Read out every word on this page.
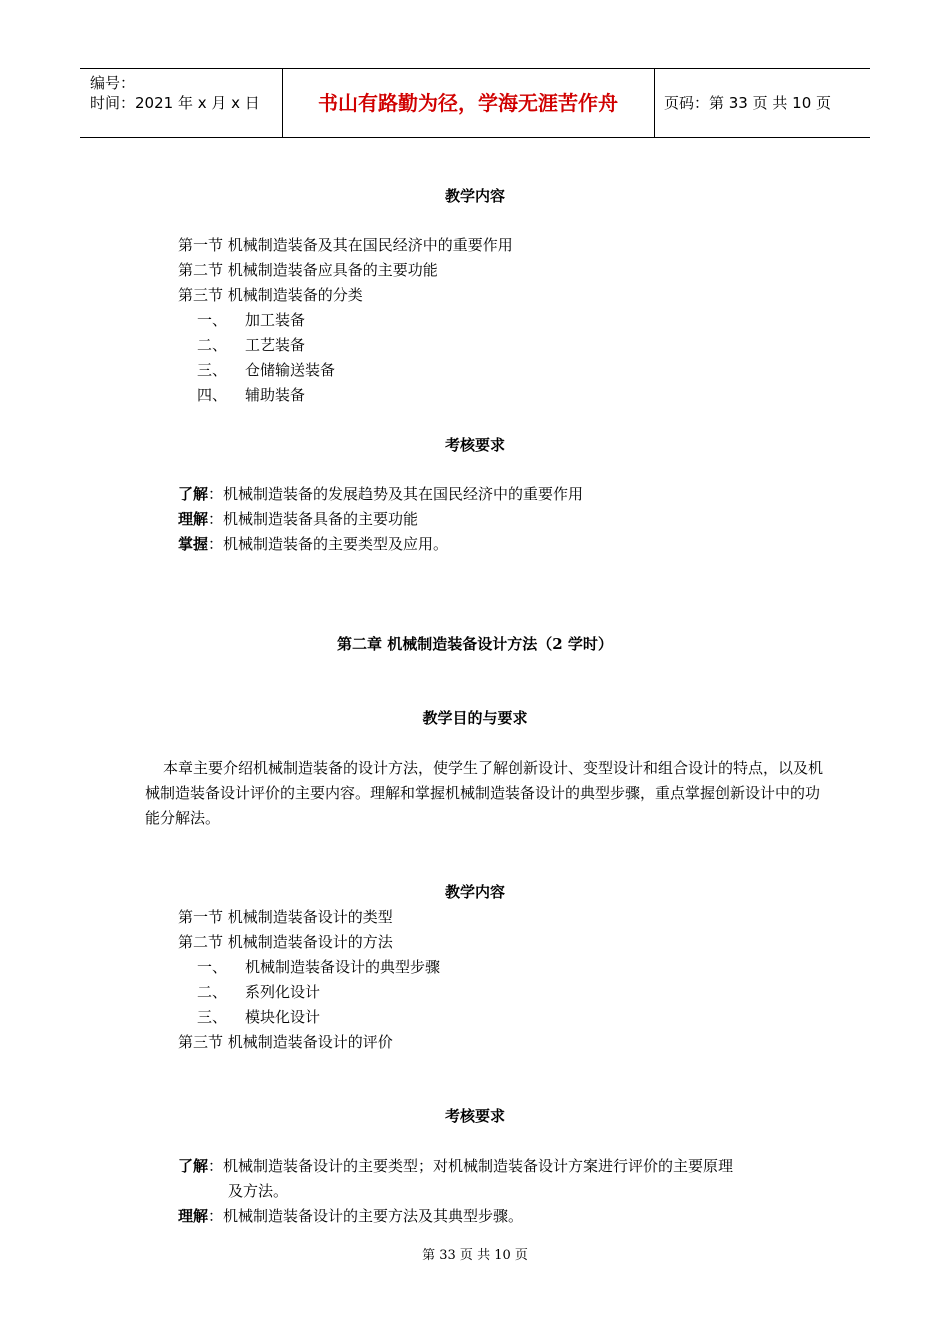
编号：
时间：2021 年 x 月 x 日	书山有路勤为径，学海无涯苦作舟	页码：第 33 页 共 10 页
教学内容
第一节 机械制造装备及其在国民经济中的重要作用
第二节 机械制造装备应具备的主要功能
第三节 机械制造装备的分类
一、 加工装备
二、 工艺装备
三、 仓储输送装备
四、 辅助装备
考核要求
了解：机械制造装备的发展趋势及其在国民经济中的重要作用
理解：机械制造装备具备的主要功能
掌握：机械制造装备的主要类型及应用。
第二章 机械制造装备设计方法（2 学时）
教学目的与要求
本章主要介绍机械制造装备的设计方法，使学生了解创新设计、变型设计和组合设计的特点，以及机械制造装备设计评价的主要内容。理解和掌握机械制造装备设计的典型步骤，重点掌握创新设计中的功能分解法。
教学内容
第一节 机械制造装备设计的类型
第二节 机械制造装备设计的方法
一、 机械制造装备设计的典型步骤
二、 系列化设计
三、 模块化设计
第三节 机械制造装备设计的评价
考核要求
了解：机械制造装备设计的主要类型；对机械制造装备设计方案进行评价的主要原理
及方法。
理解：机械制造装备设计的主要方法及其典型步骤。
第 33 页 共 10 页
